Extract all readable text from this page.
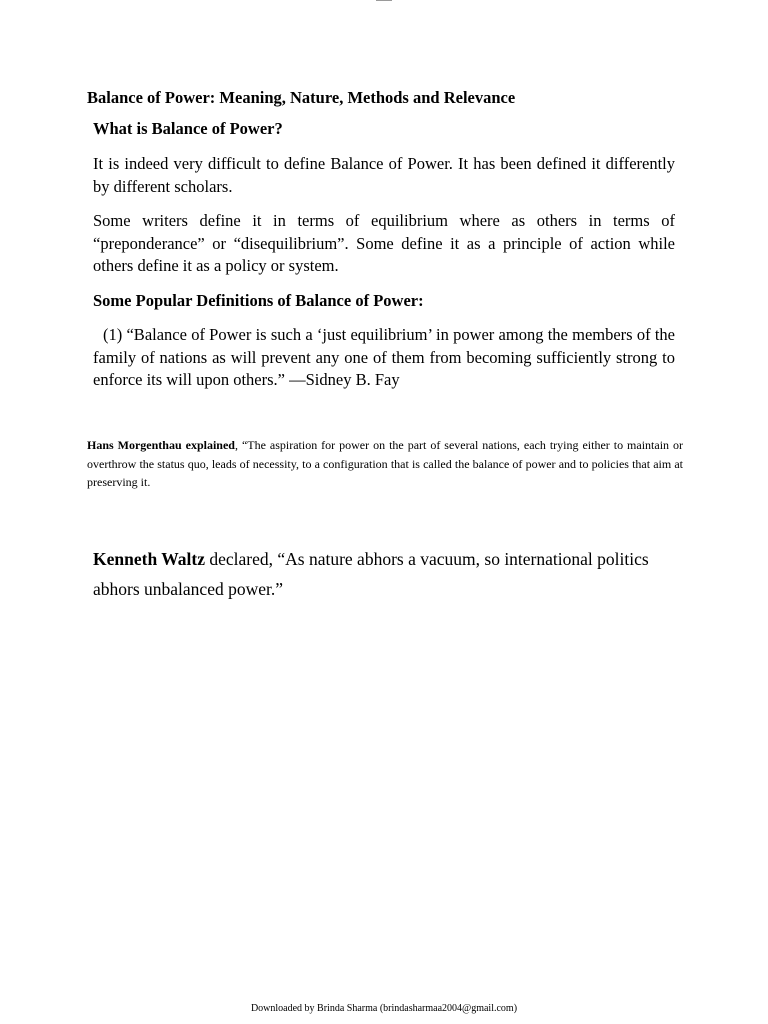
Balance of Power: Meaning, Nature, Methods and Relevance
What is Balance of Power?

It is indeed very difficult to define Balance of Power. It has been defined it differently by different scholars.

Some writers define it in terms of equilibrium where as others in terms of “preponderance” or “disequilibrium”. Some define it as a principle of action while others define it as a policy or system.

Some Popular Definitions of Balance of Power:

(1) “Balance of Power is such a ‘just equilibrium’ in power among the members of the family of nations as will prevent any one of them from becoming sufficiently strong to enforce its will upon others.” —Sidney B. Fay

Hans Morgenthau explained, “The aspiration for power on the part of several nations, each trying either to maintain or overthrow the status quo, leads of necessity, to a configuration that is called the balance of power and to policies that aim at preserving it.

Kenneth Waltz declared, “As nature abhors a vacuum, so international politics abhors unbalanced power.”

Downloaded by Brinda Sharma (brindasharmaa2004@gmail.com)
